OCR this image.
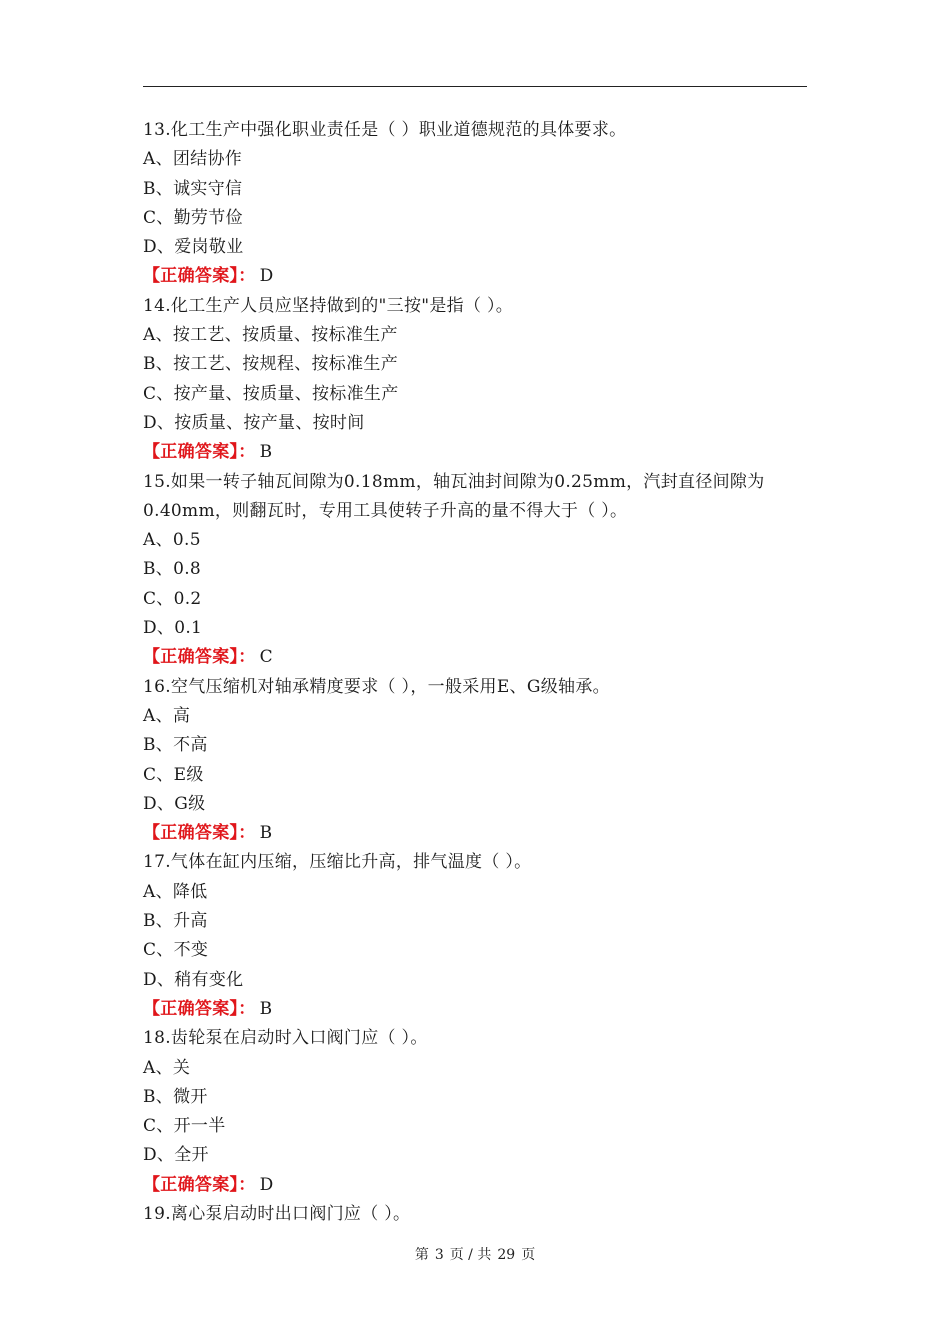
13.化工生产中强化职业责任是（ ）职业道德规范的具体要求。
A、团结协作
B、诚实守信
C、勤劳节俭
D、爱岗敬业
【正确答案】： D
14.化工生产人员应坚持做到的"三按"是指（ ）。
A、按工艺、按质量、按标准生产
B、按工艺、按规程、按标准生产
C、按产量、按质量、按标准生产
D、按质量、按产量、按时间
【正确答案】： B
15.如果一转子轴瓦间隙为0.18mm，轴瓦油封间隙为0.25mm，汽封直径间隙为
0.40mm，则翻瓦时，专用工具使转子升高的量不得大于（ ）。
A、0.5
B、0.8
C、0.2
D、0.1
【正确答案】： C
16.空气压缩机对轴承精度要求（ ），一般采用E、G级轴承。
A、高
B、不高
C、E级
D、G级
【正确答案】： B
17.气体在缸内压缩，压缩比升高，排气温度（ ）。
A、降低
B、升高
C、不变
D、稍有变化
【正确答案】： B
18.齿轮泵在启动时入口阀门应（ ）。
A、关
B、微开
C、开一半
D、全开
【正确答案】： D
19.离心泵启动时出口阀门应（ ）。
第 3 页 / 共 29 页
